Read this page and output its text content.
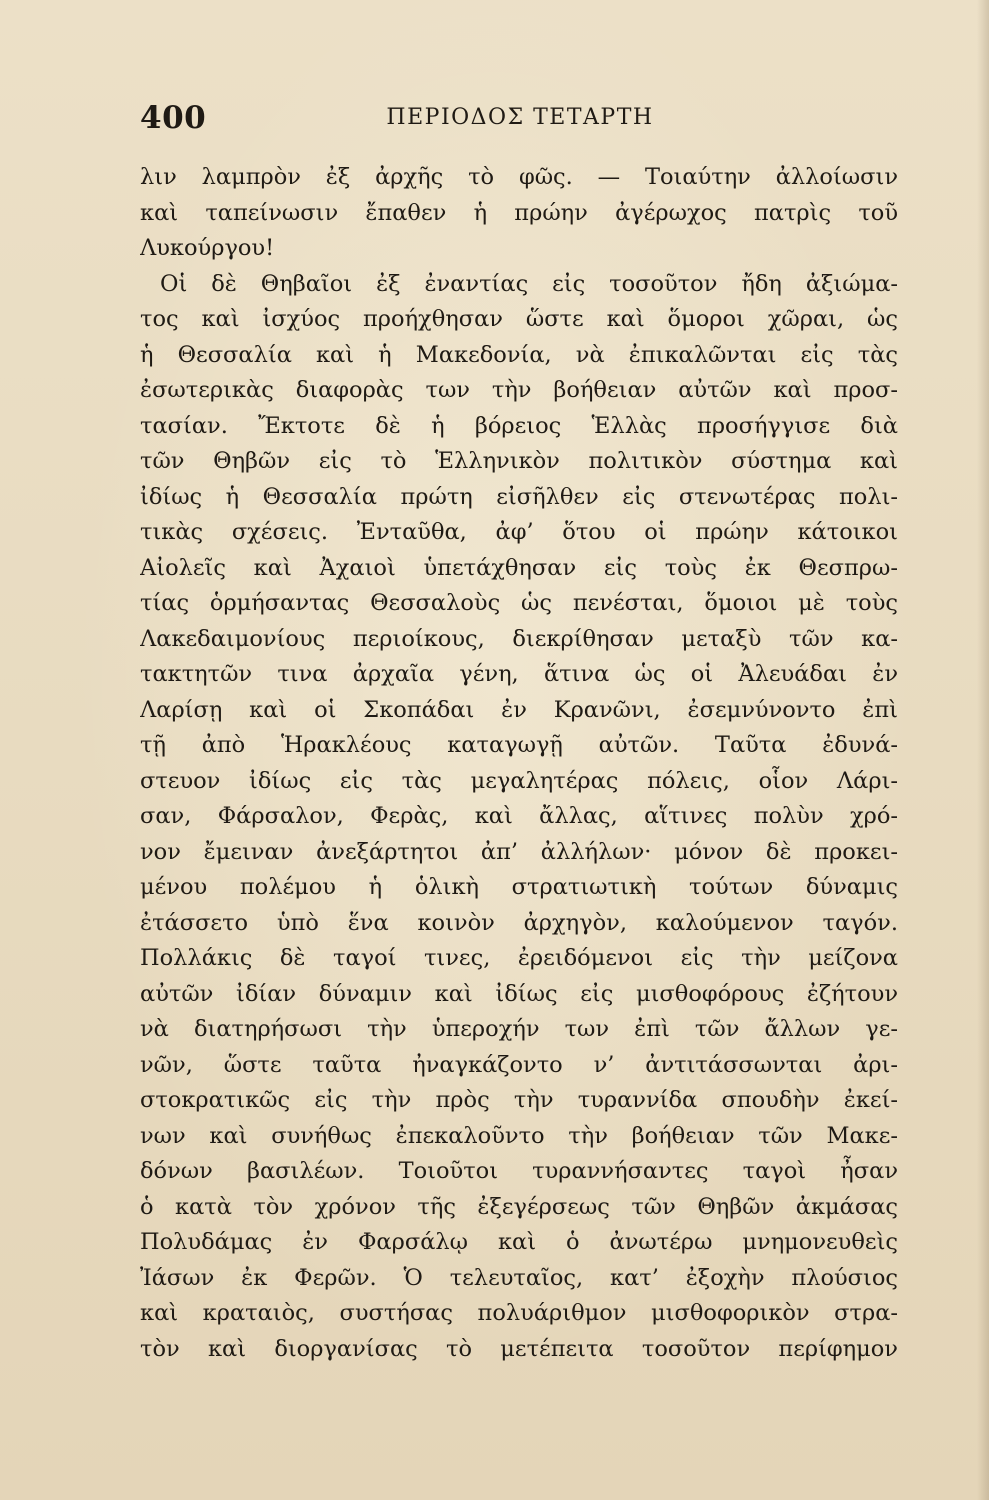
400	ΠΕΡΙΟΔΟΣ ΤΕΤΑΡΤΗ
λιν λαμπρὸν ἐξ ἀρχῆς τὸ φῶς. — Τοιαύτην ἀλλοίωσιν
καὶ ταπείνωσιν ἔπαθεν ἡ πρώην ἀγέρωχος πατρὶς τοῦ
Λυκούργου!
Οἱ δὲ Θηβαῖοι ἐξ ἐναντίας εἰς τοσοῦτον ἤδη ἀξιώμα-
τος καὶ ἰσχύος προήχθησαν ὥστε καὶ ὅμοροι χῶραι, ὡς
ἡ Θεσσαλία καὶ ἡ Μακεδονία, νὰ ἐπικαλῶνται εἰς τὰς
ἐσωτερικὰς διαφορὰς των τὴν βοήθειαν αὐτῶν καὶ προσ-
τασίαν. Ἔκτοτε δὲ ἡ βόρειος Ἑλλὰς προσήγγισε διὰ
τῶν Θηβῶν εἰς τὸ Ἑλληνικὸν πολιτικὸν σύστημα καὶ
ἰδίως ἡ Θεσσαλία πρώτη εἰσῆλθεν εἰς στενωτέρας πολι-
τικὰς σχέσεις. Ἐνταῦθα, ἀφ’ ὅτου οἱ πρώην κάτοικοι
Αἰολεῖς καὶ Ἀχαιοὶ ὑπετάχθησαν εἰς τοὺς ἐκ Θεσπρω-
τίας ὁρμήσαντας Θεσσαλοὺς ὡς πενέσται, ὅμοιοι μὲ τοὺς
Λακεδαιμονίους περιοίκους, διεκρίθησαν μεταξὺ τῶν κα-
τακτητῶν τινα ἀρχαῖα γένη, ἅτινα ὡς οἱ Ἀλευάδαι ἐν
Λαρίσῃ καὶ οἱ Σκοπάδαι ἐν Κρανῶνι, ἐσεμνύνοντο ἐπὶ
τῇ ἀπὸ Ἡρακλέους καταγωγῇ αὐτῶν. Ταῦτα ἐδυνά-
στευον ἰδίως εἰς τὰς μεγαλητέρας πόλεις, οἷον Λάρι-
σαν, Φάρσαλον, Φερὰς, καὶ ἄλλας, αἵτινες πολὺν χρό-
νον ἔμειναν ἀνεξάρτητοι ἀπ’ ἀλλήλων· μόνον δὲ προκει-
μένου πολέμου ἡ ὁλικὴ στρατιωτικὴ τούτων δύναμις
ἐτάσσετο ὑπὸ ἕνα κοινὸν ἀρχηγὸν, καλούμενον ταγόν.
Πολλάκις δὲ ταγοί τινες, ἐρειδόμενοι εἰς τὴν μείζονα
αὐτῶν ἰδίαν δύναμιν καὶ ἰδίως εἰς μισθοφόρους ἐζήτουν
νὰ διατηρήσωσι τὴν ὑπεροχήν των ἐπὶ τῶν ἄλλων γε-
νῶν, ὥστε ταῦτα ἠναγκάζοντο ν’ ἀντιτάσσωνται ἀρι-
στοκρατικῶς εἰς τὴν πρὸς τὴν τυραννίδα σπουδὴν ἐκεί-
νων καὶ συνήθως ἐπεκαλοῦντο τὴν βοήθειαν τῶν Μακε-
δόνων βασιλέων. Τοιοῦτοι τυραννήσαντες ταγοὶ ἦσαν
ὁ κατὰ τὸν χρόνον τῆς ἐξεγέρσεως τῶν Θηβῶν ἀκμάσας
Πολυδάμας ἐν Φαρσάλῳ καὶ ὁ ἀνωτέρω μνημονευθεὶς
Ἰάσων ἐκ Φερῶν. Ὁ τελευταῖος, κατ’ ἐξοχὴν πλούσιος
καὶ κραταιὸς, συστήσας πολυάριθμον μισθοφορικὸν στρα-
τὸν καὶ διοργανίσας τὸ μετέπειτα τοσοῦτον περίφημον
